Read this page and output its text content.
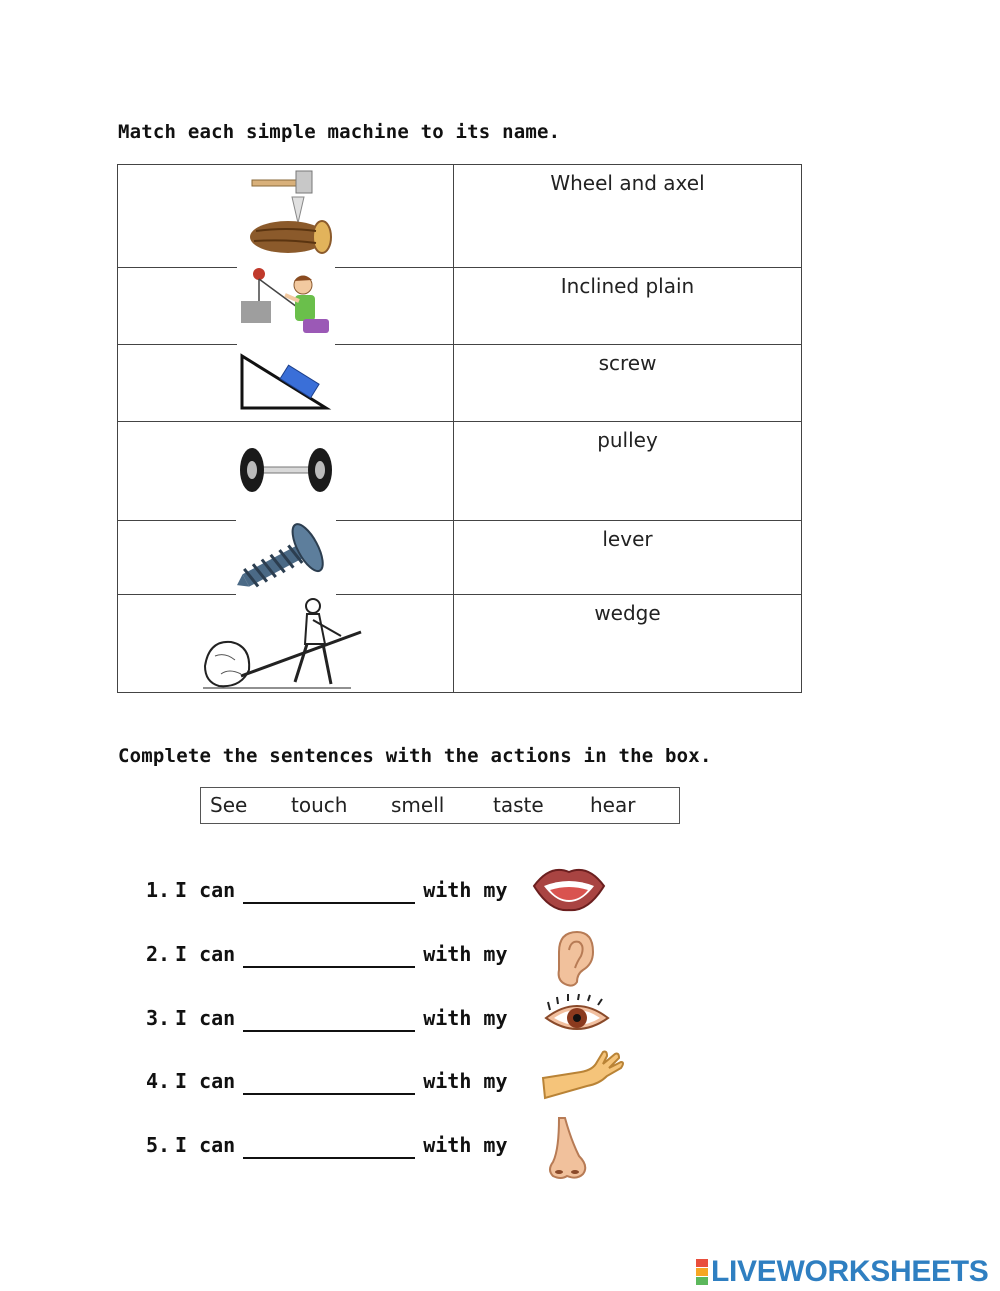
Match each simple machine to its name.
	Wheel and axel

	Inclined plain

	screw

	pulley

	lever

	wedge
Complete the sentences with the actions in the box.
See touch smell taste hear
1. I can	with my
2. I can	with my
3. I can	with my
4. I can	with my
5. I can	with my
LIVEWORKSHEETS
